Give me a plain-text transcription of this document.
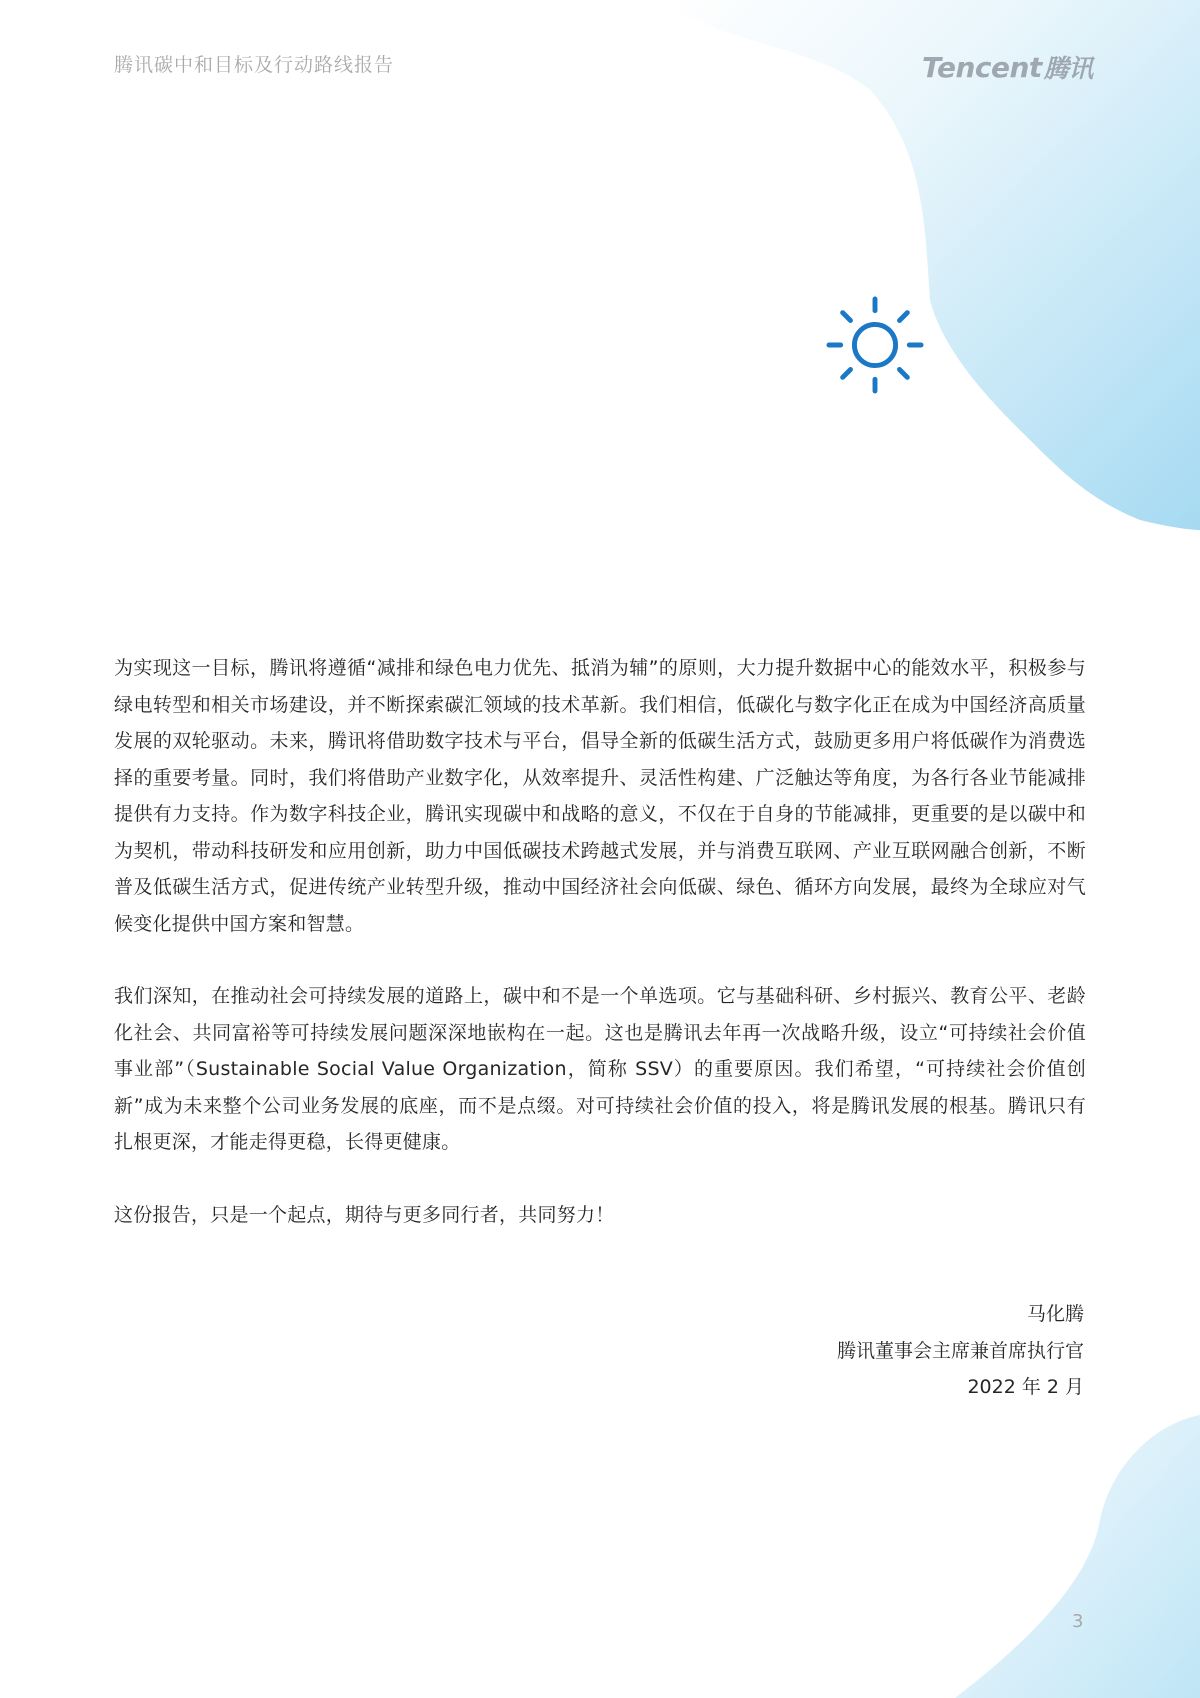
腾讯碳中和目标及行动路线报告	Tencent腾讯

为实现这一目标，腾讯将遵循“减排和绿色电力优先、抵消为辅”的原则，大力提升数据中心的能效水平，积极参与绿电转型和相关市场建设，并不断探索碳汇领域的技术革新。我们相信，低碳化与数字化正在成为中国经济高质量发展的双轮驱动。未来，腾讯将借助数字技术与平台，倡导全新的低碳生活方式，鼓励更多用户将低碳作为消费选择的重要考量。同时，我们将借助产业数字化，从效率提升、灵活性构建、广泛触达等角度，为各行各业节能减排提供有力支持。作为数字科技企业，腾讯实现碳中和战略的意义，不仅在于自身的节能减排，更重要的是以碳中和为契机，带动科技研发和应用创新，助力中国低碳技术跨越式发展，并与消费互联网、产业互联网融合创新，不断普及低碳生活方式，促进传统产业转型升级，推动中国经济社会向低碳、绿色、循环方向发展，最终为全球应对气候变化提供中国方案和智慧。

我们深知，在推动社会可持续发展的道路上，碳中和不是一个单选项。它与基础科研、乡村振兴、教育公平、老龄化社会、共同富裕等可持续发展问题深深地嵌构在一起。这也是腾讯去年再一次战略升级，设立“可持续社会价值事业部”（Sustainable Social Value Organization，简称 SSV）的重要原因。我们希望，“可持续社会价值创新”成为未来整个公司业务发展的底座，而不是点缀。对可持续社会价值的投入，将是腾讯发展的根基。腾讯只有扎根更深，才能走得更稳，长得更健康。

这份报告，只是一个起点，期待与更多同行者，共同努力！

马化腾
腾讯董事会主席兼首席执行官
2022 年 2 月
3
